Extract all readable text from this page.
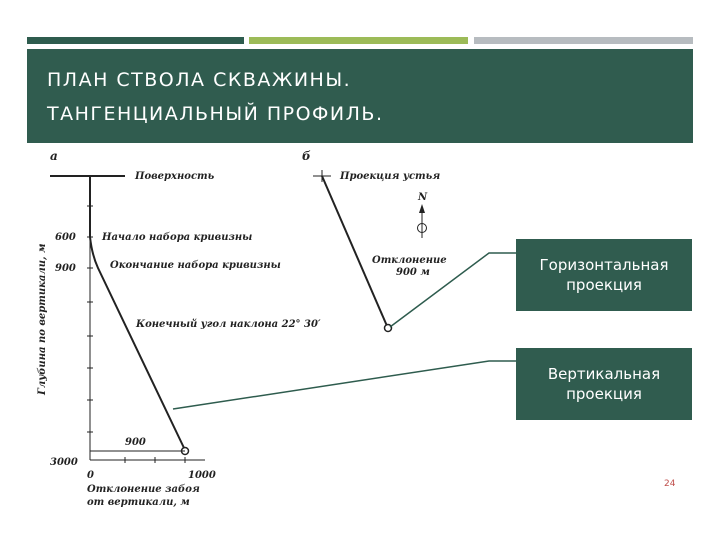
ПЛАН СТВОЛА СКВАЖИНЫ.
ТАНГЕНЦИАЛЬНЫЙ ПРОФИЛЬ.
а
Поверхность
600
900
3000
Начало набора кривизны
Окончание набора кривизны
Конечный угол наклона 22° 30′
900
0	1000
Отклонение забоя
от вертикали, м
Глубина по вертикали, м
б
Проекция устья
N
Отклонение
900 м	Горизонтальная
проекция
Вертикальная
проекция
24
